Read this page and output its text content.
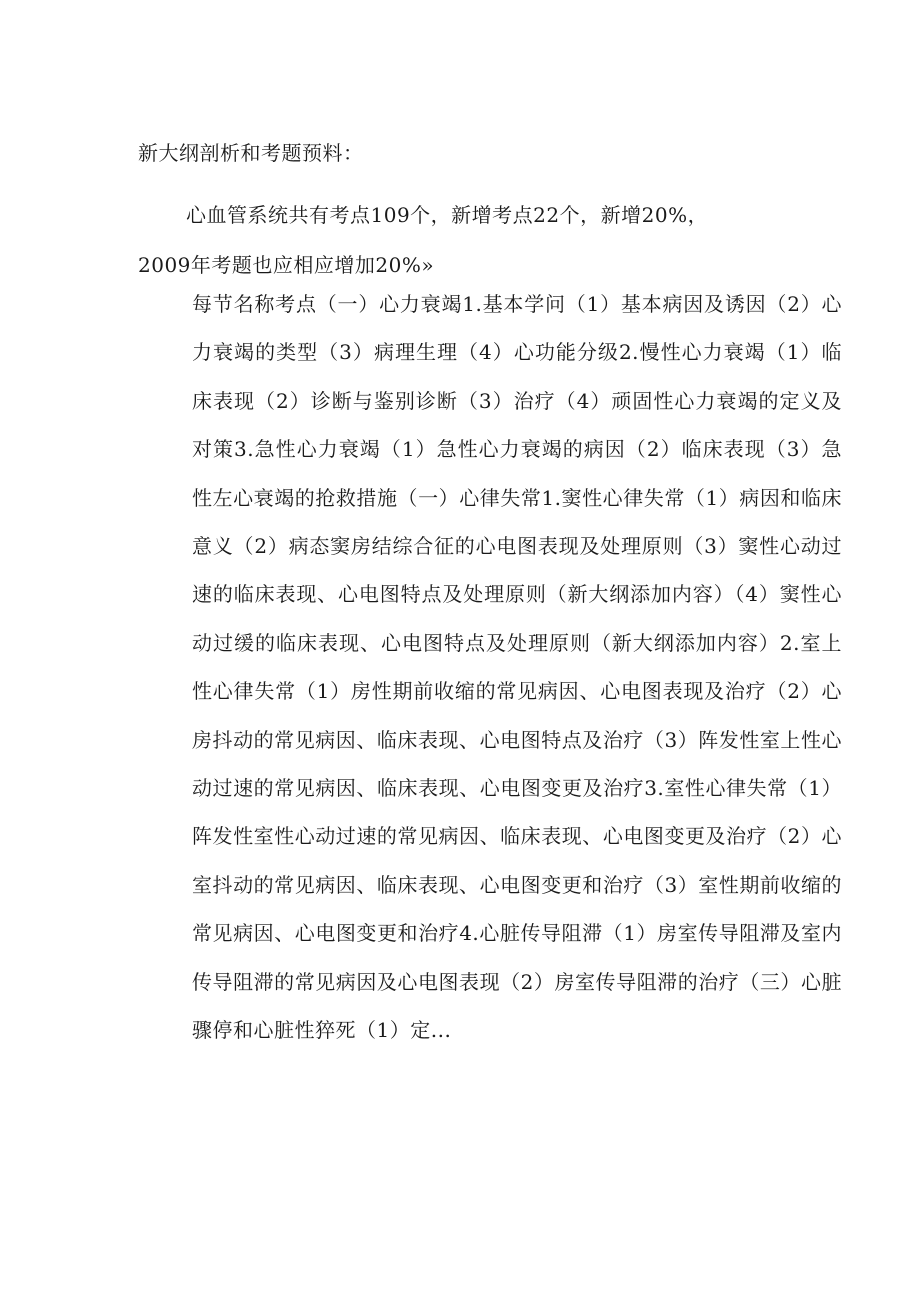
新大纲剖析和考题预料：
心血管系统共有考点109个，新增考点22个，新增20%，
2009年考题也应相应增加20%»
每节名称考点（一）心力衰竭1.基本学问（1）基本病因及诱因（2）心力衰竭的类型（3）病理生理（4）心功能分级2.慢性心力衰竭（1）临床表现（2）诊断与鉴别诊断（3）治疗（4）顽固性心力衰竭的定义及对策3.急性心力衰竭（1）急性心力衰竭的病因（2）临床表现（3）急性左心衰竭的抢救措施（一）心律失常1.窦性心律失常（1）病因和临床意义（2）病态窦房结综合征的心电图表现及处理原则（3）窦性心动过速的临床表现、心电图特点及处理原则（新大纲添加内容）（4）窦性心动过缓的临床表现、心电图特点及处理原则（新大纲添加内容）2.室上性心律失常（1）房性期前收缩的常见病因、心电图表现及治疗（2）心房抖动的常见病因、临床表现、心电图特点及治疗（3）阵发性室上性心动过速的常见病因、临床表现、心电图变更及治疗3.室性心律失常（1）阵发性室性心动过速的常见病因、临床表现、心电图变更及治疗（2）心室抖动的常见病因、临床表现、心电图变更和治疗（3）室性期前收缩的常见病因、心电图变更和治疗4.心脏传导阻滞（1）房室传导阻滞及室内传导阻滞的常见病因及心电图表现（2）房室传导阻滞的治疗（三）心脏骤停和心脏性猝死（1）定...
